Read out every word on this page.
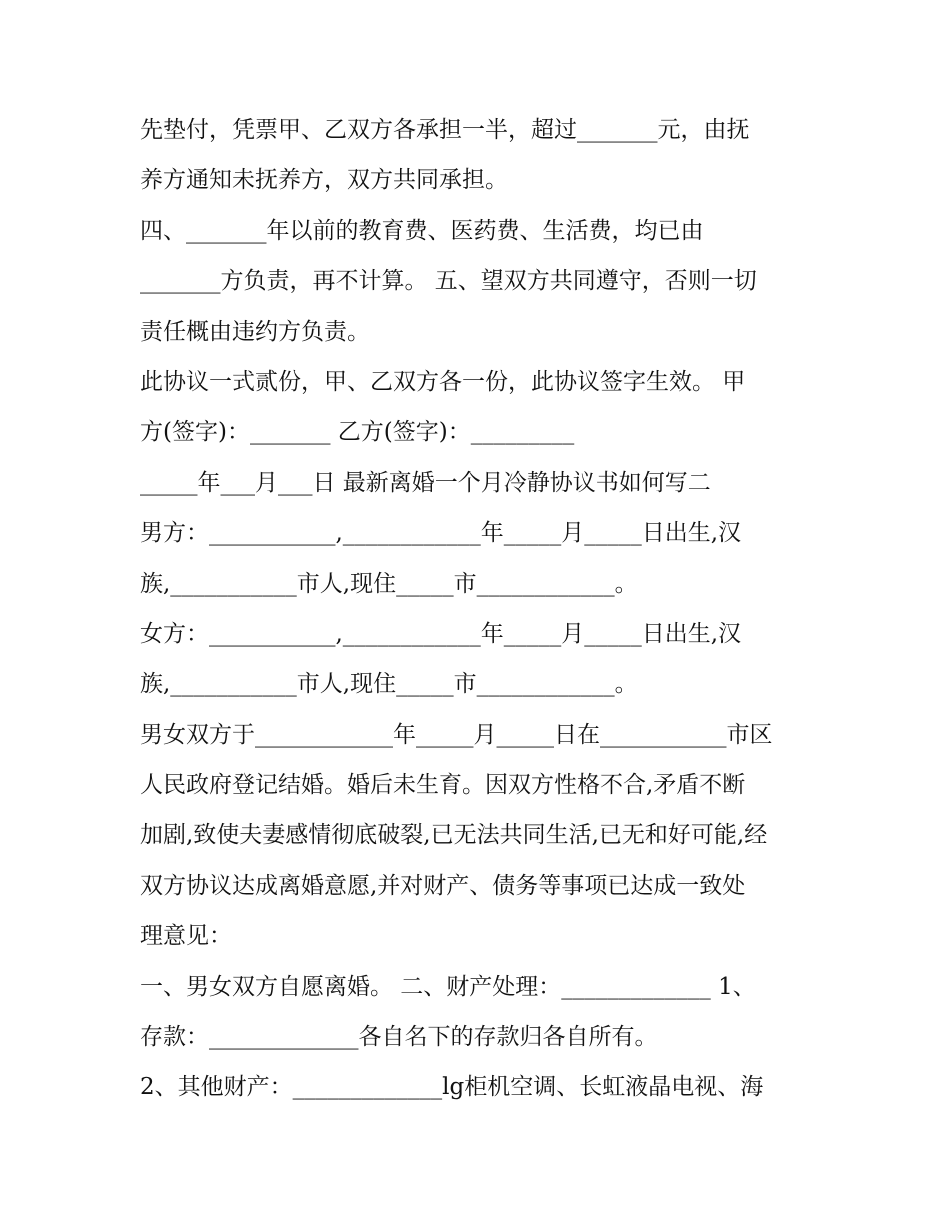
先垫付，凭票甲、乙双方各承担一半，超过_______元，由抚

养方通知未抚养方，双方共同承担。

四、_______年以前的教育费、医药费、生活费，均已由

_______方负责，再不计算。 五、望双方共同遵守，否则一切

责任概由违约方负责。

此协议一式贰份，甲、乙双方各一份，此协议签字生效。 甲

方(签字)：_______ 乙方(签字)：_________

_____年___月___日 最新离婚一个月冷静协议书如何写二

男方：___________,____________年_____月_____日出生,汉

族,___________市人,现住_____市____________。

女方：___________,____________年_____月_____日出生,汉

族,___________市人,现住_____市____________。

男女双方于____________年_____月_____日在___________市区

人民政府登记结婚。婚后未生育。因双方性格不合,矛盾不断

加剧,致使夫妻感情彻底破裂,已无法共同生活,已无和好可能,经

双方协议达成离婚意愿,并对财产、债务等事项已达成一致处

理意见：

一、男女双方自愿离婚。 二、财产处理：_____________ 1、

存款：_____________各自名下的存款归各自所有。

2、其他财产：_____________lg柜机空调、长虹液晶电视、海
